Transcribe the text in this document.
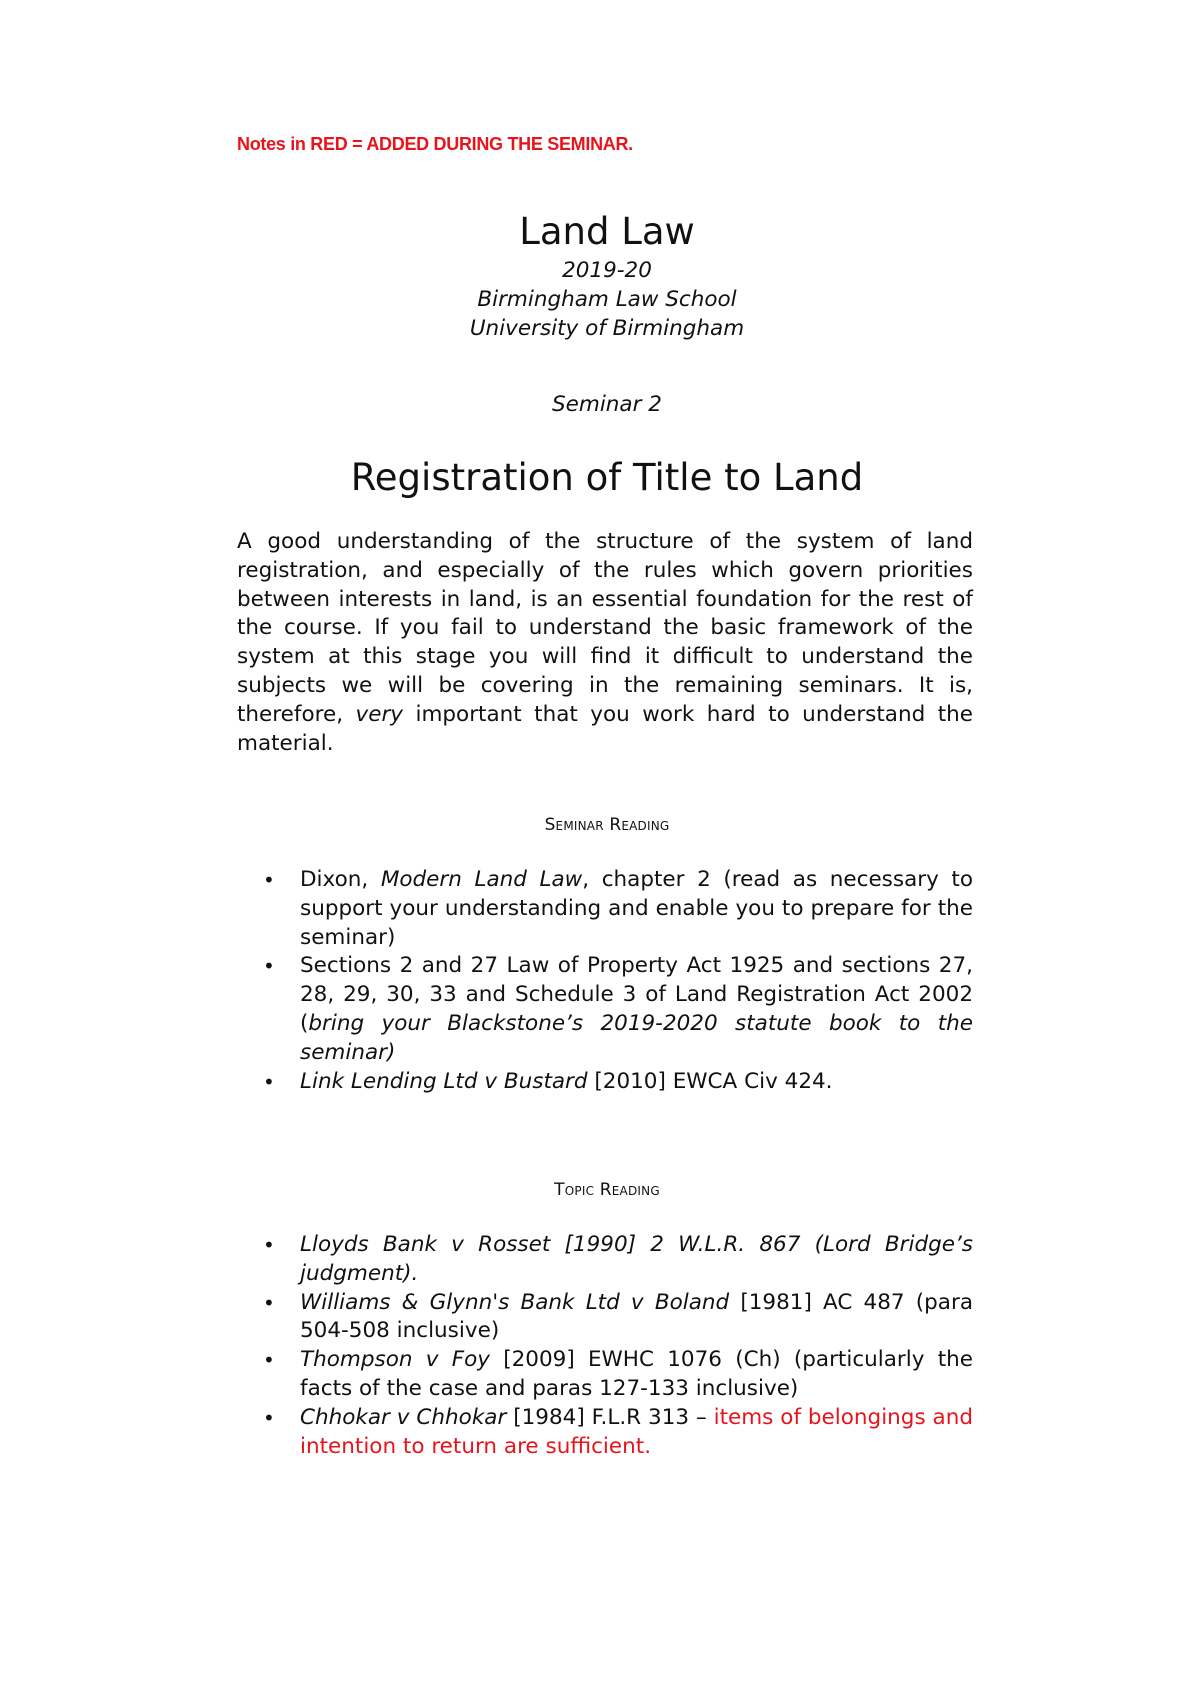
Notes in RED = ADDED DURING THE SEMINAR.
Land Law
2019-20
Birmingham Law School
University of Birmingham
Seminar 2
Registration of Title to Land

A good understanding of the structure of the system of land registration, and especially of the rules which govern priorities between interests in land, is an essential foundation for the rest of the course. If you fail to understand the basic framework of the system at this stage you will find it difficult to understand the subjects we will be covering in the remaining seminars. It is, therefore, very important that you work hard to understand the material.

Seminar Reading
• Dixon, Modern Land Law, chapter 2 (read as necessary to support your understanding and enable you to prepare for the seminar)
• Sections 2 and 27 Law of Property Act 1925 and sections 27, 28, 29, 30, 33 and Schedule 3 of Land Registration Act 2002 (bring your Blackstone’s 2019-2020 statute book to the seminar)
• Link Lending Ltd v Bustard [2010] EWCA Civ 424.
Topic Reading
• Lloyds Bank v Rosset [1990] 2 W.L.R. 867 (Lord Bridge’s judgment).
• Williams & Glynn's Bank Ltd v Boland [1981] AC 487 (para 504-508 inclusive)
• Thompson v Foy [2009] EWHC 1076 (Ch) (particularly the facts of the case and paras 127-133 inclusive)
• Chhokar v Chhokar [1984] F.L.R 313 – items of belongings and intention to return are sufficient.
